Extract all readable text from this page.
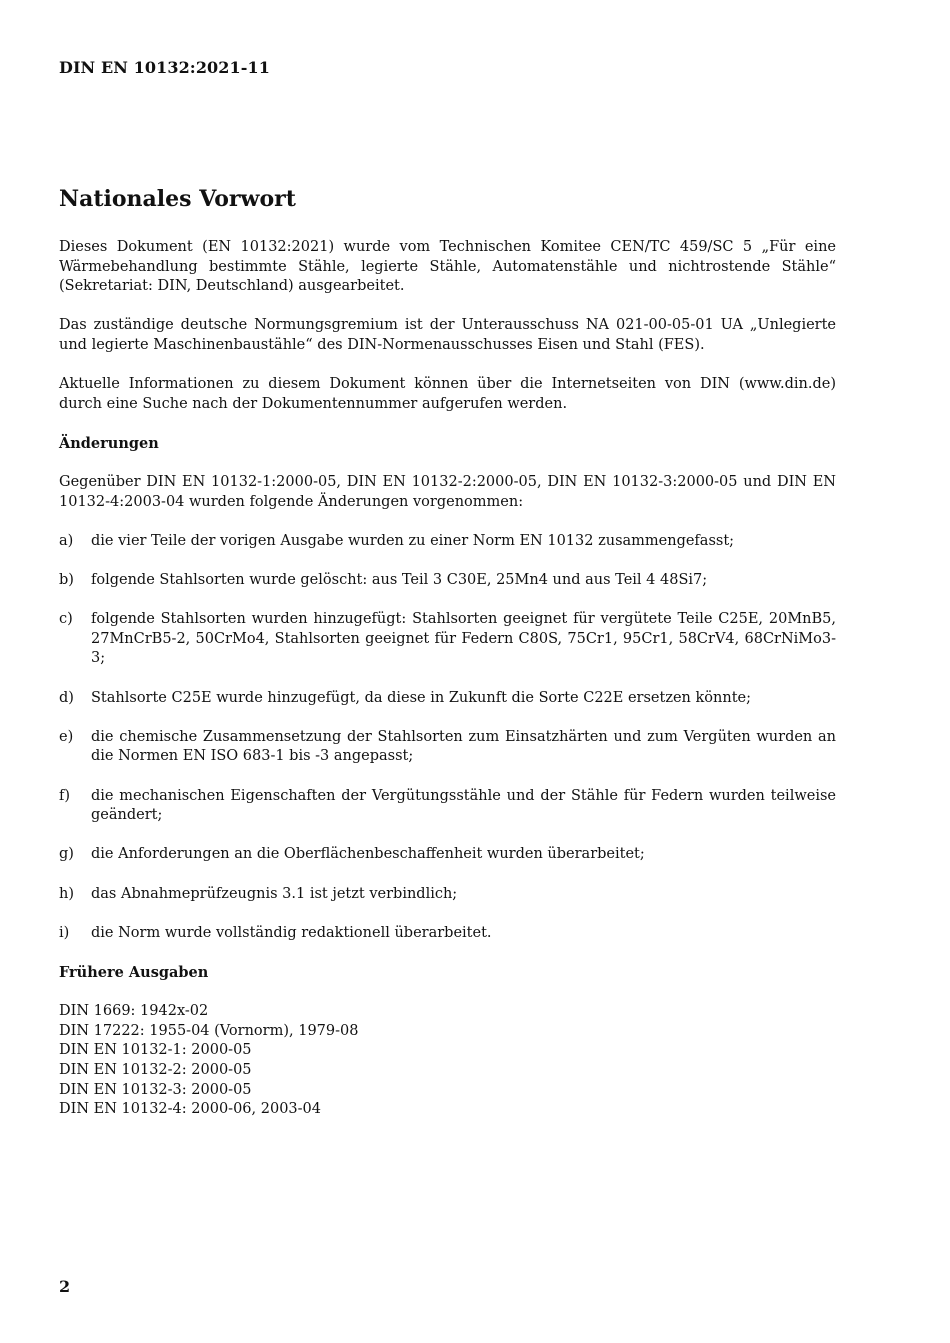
DIN EN 10132:2021-11
Nationales Vorwort

Dieses Dokument (EN 10132:2021) wurde vom Technischen Komitee CEN/TC 459/SC 5 „Für eine Wärmebehandlung bestimmte Stähle, legierte Stähle, Automatenstähle und nichtrostende Stähle“ (Sekretariat: DIN, Deutschland) ausgearbeitet.

Das zuständige deutsche Normungsgremium ist der Unterausschuss NA 021-00-05-01 UA „Unlegierte und legierte Maschinenbaustähle“ des DIN-Normenausschusses Eisen und Stahl (FES).

Aktuelle Informationen zu diesem Dokument können über die Internetseiten von DIN (www.din.de) durch eine Suche nach der Dokumentennummer aufgerufen werden.

Änderungen

Gegenüber DIN EN 10132-1:2000-05, DIN EN 10132-2:2000-05, DIN EN 10132-3:2000-05 und DIN EN 10132-4:2003-04 wurden folgende Änderungen vorgenommen:

a)	die vier Teile der vorigen Ausgabe wurden zu einer Norm EN 10132 zusammengefasst;
b)	folgende Stahlsorten wurde gelöscht: aus Teil 3 C30E, 25Mn4 und aus Teil 4 48Si7;
c)	folgende Stahlsorten wurden hinzugefügt: Stahlsorten geeignet für vergütete Teile C25E, 20MnB5, 27MnCrB5-2, 50CrMo4, Stahlsorten geeignet für Federn C80S, 75Cr1, 95Cr1, 58CrV4, 68CrNiMo3-3;
d)	Stahlsorte C25E wurde hinzugefügt, da diese in Zukunft die Sorte C22E ersetzen könnte;
e)	die chemische Zusammensetzung der Stahlsorten zum Einsatzhärten und zum Vergüten wurden an die Normen EN ISO 683-1 bis -3 angepasst;
f)	die mechanischen Eigenschaften der Vergütungsstähle und der Stähle für Federn wurden teilweise geändert;
g)	die Anforderungen an die Oberflächenbeschaffenheit wurden überarbeitet;
h)	das Abnahmeprüfzeugnis 3.1 ist jetzt verbindlich;
i)	die Norm wurde vollständig redaktionell überarbeitet.
Frühere Ausgaben
DIN 1669: 1942x-02
DIN 17222: 1955-04 (Vornorm), 1979-08
DIN EN 10132-1: 2000-05
DIN EN 10132-2: 2000-05
DIN EN 10132-3: 2000-05
DIN EN 10132-4: 2000-06, 2003-04
2
